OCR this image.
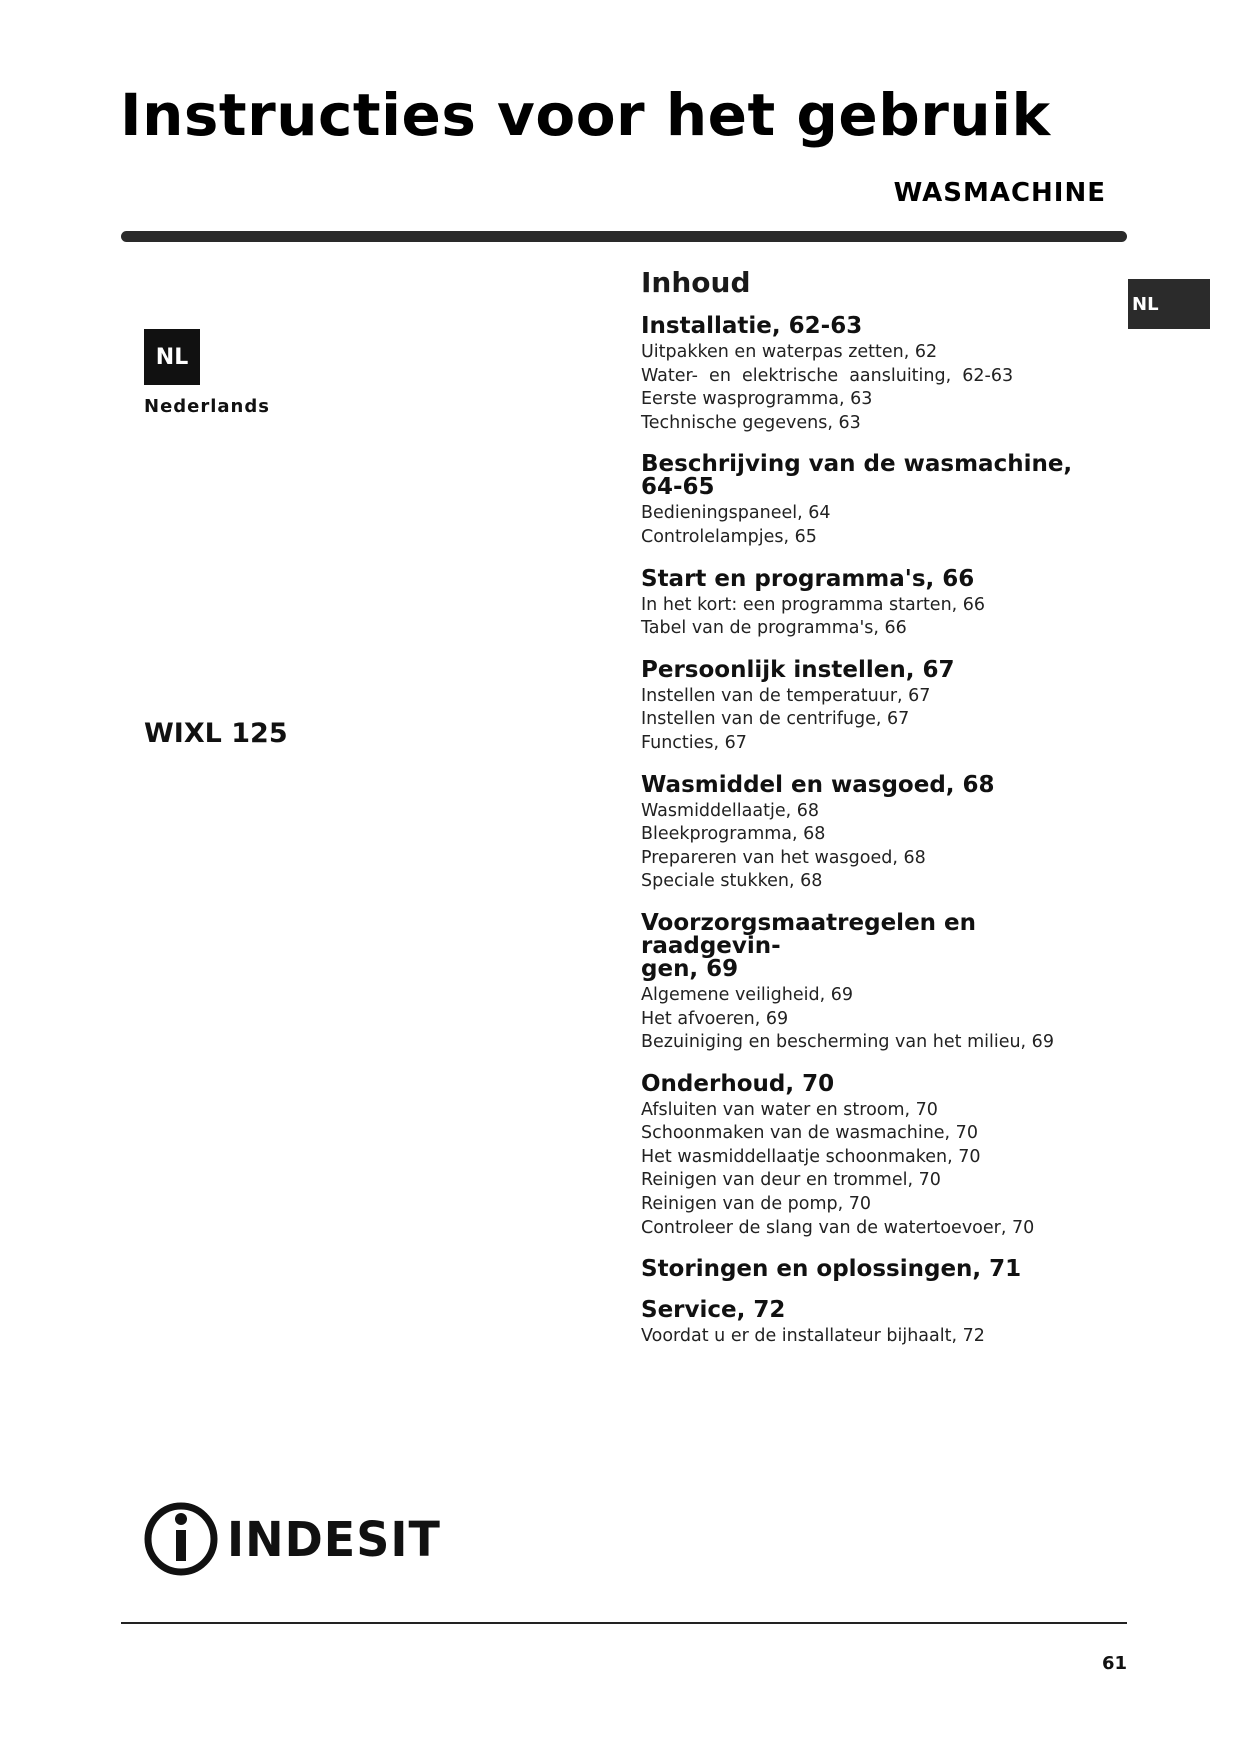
Instructies voor het gebruik
WASMACHINE
NL
Nederlands
NL
WIXL 125
Inhoud
Installatie, 62-63
Uitpakken en waterpas zetten, 62
Water-  en  elektrische  aansluiting,  62-63
Eerste wasprogramma, 63
Technische gegevens, 63
Beschrijving van de wasmachine, 64-65
Bedieningspaneel, 64
Controlelampjes, 65
Start en programma's, 66
In het kort: een programma starten, 66
Tabel van de programma's, 66
Persoonlijk instellen, 67
Instellen van de temperatuur, 67
Instellen van de centrifuge, 67
Functies, 67
Wasmiddel en wasgoed, 68
Wasmiddellaatje, 68
Bleekprogramma, 68
Prepareren van het wasgoed, 68
Speciale stukken, 68
Voorzorgsmaatregelen en raadgevin-
gen, 69
Algemene veiligheid, 69
Het afvoeren, 69
Bezuiniging en bescherming van het milieu, 69
Onderhoud, 70
Afsluiten van water en stroom, 70
Schoonmaken van de wasmachine, 70
Het wasmiddellaatje schoonmaken, 70
Reinigen van deur en trommel, 70
Reinigen van de pomp, 70
Controleer de slang van de watertoevoer, 70
Storingen en oplossingen, 71
Service, 72
Voordat u er de installateur bijhaalt, 72
INDESIT
61
